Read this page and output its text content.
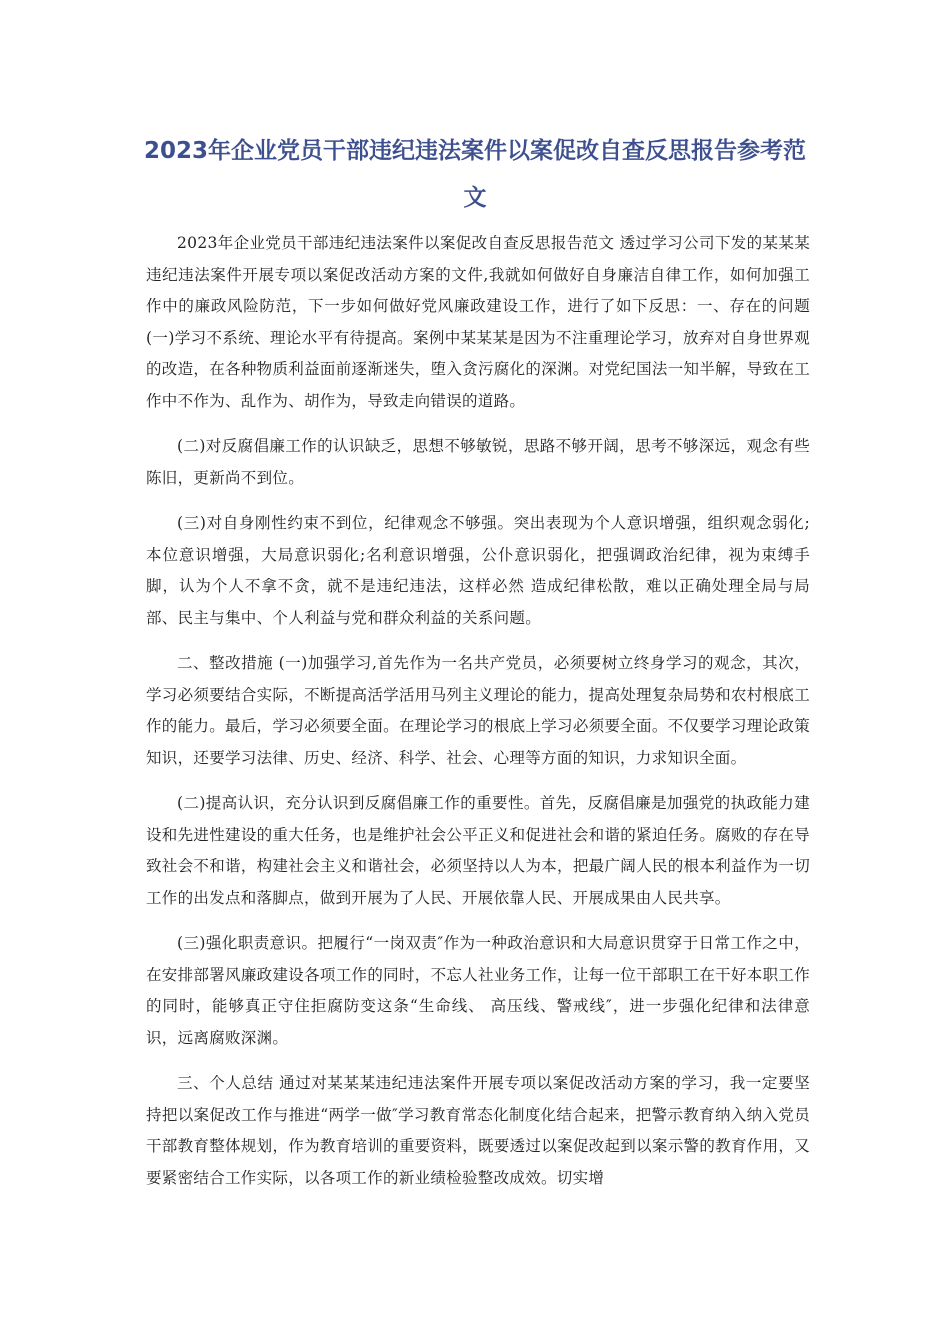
2023年企业党员干部违纪违法案件以案促改自查反思报告参考范文

2023年企业党员干部违纪违法案件以案促改自查反思报告范文 透过学习公司下发的某某某违纪违法案件开展专项以案促改活动方案的文件,我就如何做好自身廉洁自律工作，如何加强工作中的廉政风险防范，下一步如何做好党风廉政建设工作，进行了如下反思：一、存在的问题 (一)学习不系统、理论水平有待提高。案例中某某某是因为不注重理论学习，放弃对自身世界观的改造，在各种物质利益面前逐渐迷失，堕入贪污腐化的深渊。对党纪国法一知半解，导致在工作中不作为、乱作为、胡作为，导致走向错误的道路。

(二)对反腐倡廉工作的认识缺乏，思想不够敏锐，思路不够开阔，思考不够深远，观念有些陈旧，更新尚不到位。

(三)对自身刚性约束不到位，纪律观念不够强。突出表现为个人意识增强，组织观念弱化;本位意识增强，大局意识弱化;名利意识增强，公仆意识弱化，把强调政治纪律，视为束缚手脚，认为个人不拿不贪，就不是违纪违法，这样必然 造成纪律松散，难以正确处理全局与局部、民主与集中、个人利益与党和群众利益的关系问题。

二、整改措施 (一)加强学习,首先作为一名共产党员，必须要树立终身学习的观念，其次，学习必须要结合实际，不断提高活学活用马列主义理论的能力，提高处理复杂局势和农村根底工作的能力。最后，学习必须要全面。在理论学习的根底上学习必须要全面。不仅要学习理论政策知识，还要学习法律、历史、经济、科学、社会、心理等方面的知识，力求知识全面。

(二)提高认识，充分认识到反腐倡廉工作的重要性。首先，反腐倡廉是加强党的执政能力建设和先进性建设的重大任务，也是维护社会公平正义和促进社会和谐的紧迫任务。腐败的存在导致社会不和谐，构建社会主义和谐社会，必须坚持以人为本，把最广阔人民的根本利益作为一切工作的出发点和落脚点，做到开展为了人民、开展依靠人民、开展成果由人民共享。

(三)强化职责意识。把履行“一岗双责″作为一种政治意识和大局意识贯穿于日常工作之中，在安排部署风廉政建设各项工作的同时，不忘人社业务工作，让每一位干部职工在干好本职工作的同时，能够真正守住拒腐防变这条“生命线、 高压线、警戒线″，进一步强化纪律和法律意识，远离腐败深渊。

三、个人总结 通过对某某某违纪违法案件开展专项以案促改活动方案的学习，我一定要坚持把以案促改工作与推进“两学一做″学习教育常态化制度化结合起来，把警示教育纳入纳入党员干部教育整体规划，作为教育培训的重要资料，既要透过以案促改起到以案示警的教育作用，又要紧密结合工作实际，以各项工作的新业绩检验整改成效。切实增
